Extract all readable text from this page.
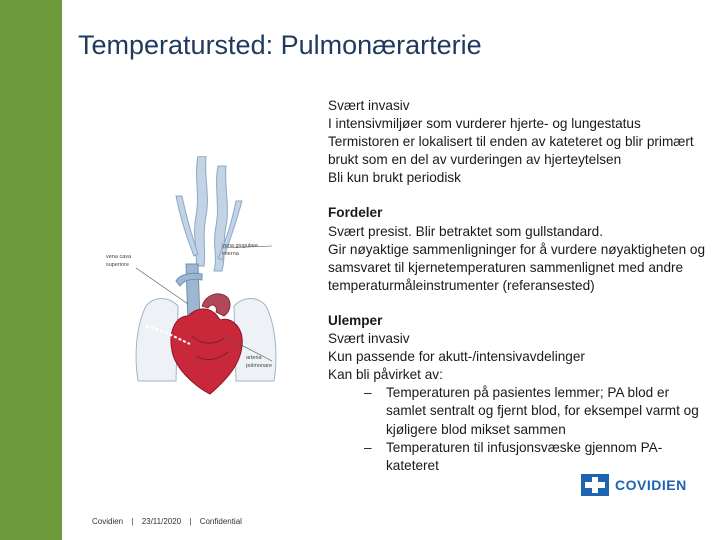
Temperatursted: Pulmonærarterie

Svært invasiv

I intensivmiljøer som vurderer hjerte- og lungestatus

Termistoren er lokalisert til enden av kateteret og blir primært brukt som en del av vurderingen av hjerteytelsen

Bli kun brukt periodisk

Fordeler

Svært presist. Blir betraktet som gullstandard.

Gir nøyaktige sammenligninger for å vurdere nøyaktigheten og samsvaret til kjernetemperaturen sammenlignet med andre temperaturmåleinstrumenter (referansested)

Ulemper

Svært invasiv

Kun passende for akutt-/intensivavdelinger

Kan bli påvirket av:

– Temperaturen på pasientes lemmer; PA blod er samlet sentralt og fjernt blod, for eksempel varmt og kjøligere blod mikset sammen

– Temperaturen til infusjonsvæske gjennom PA-kateteret

vena cava
superiore
vena giugulare
interna
arteria
polmonare
Covidien | 23/11/2020 | Confidential
COVIDIEN
